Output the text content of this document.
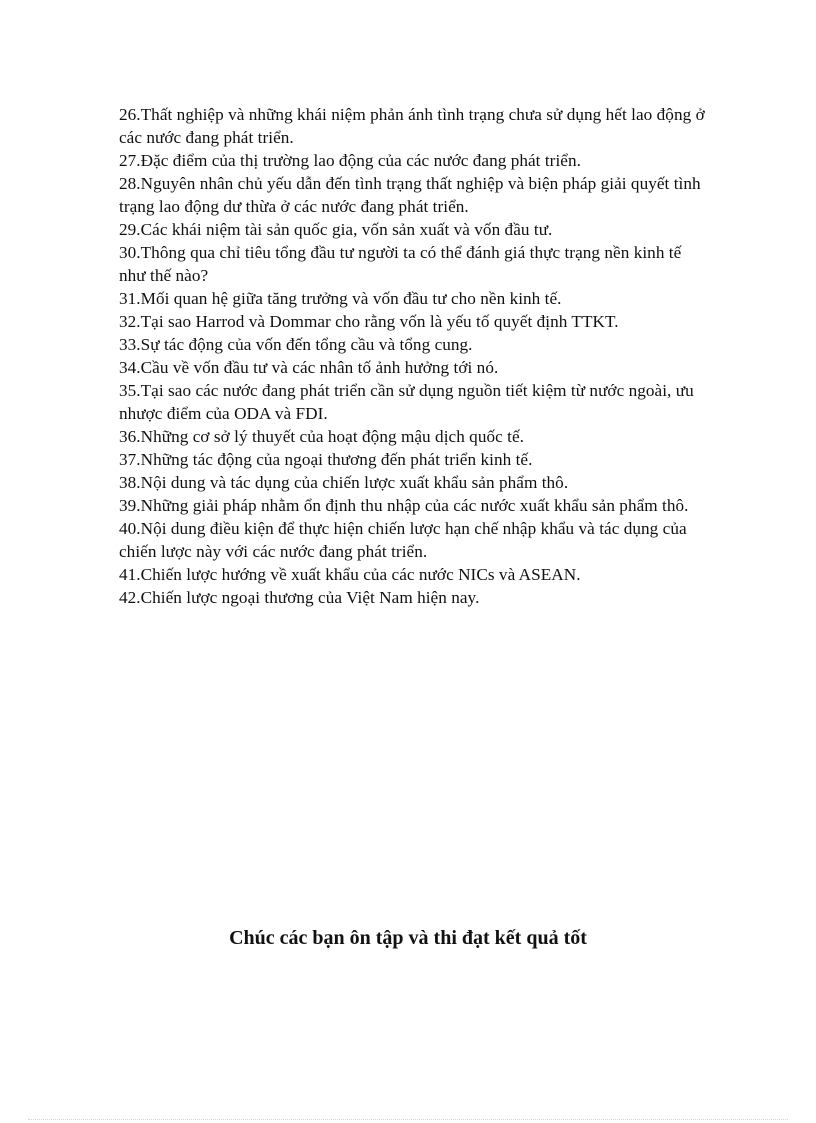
26.Thất nghiệp và những khái niệm phản ánh tình trạng chưa sử dụng hết lao động ở các nước đang phát triển.
27.Đặc điểm của thị trường lao động của các nước đang phát triển.
28.Nguyên nhân chủ yếu dẫn đến tình trạng thất nghiệp và biện pháp giải quyết tình trạng lao động dư thừa ở các nước đang phát triển.
29.Các khái niệm tài sản quốc gia, vốn sản xuất và vốn đầu tư.
30.Thông qua chỉ tiêu tổng đầu tư người ta có thể đánh giá thực trạng nền kinh tế như thế nào?
31.Mối quan hệ giữa tăng trưởng và vốn đầu tư cho nền kinh tế.
32.Tại sao Harrod và Dommar cho rằng vốn là yếu tố quyết định TTKT.
33.Sự tác động của vốn đến tổng cầu và tổng cung.
34.Cầu về vốn đầu tư và các nhân tố ảnh hưởng tới nó.
35.Tại sao các nước đang phát triển cần sử dụng nguồn tiết kiệm từ nước ngoài, ưu nhược điểm của ODA và FDI.
36.Những cơ sở lý thuyết của hoạt động mậu dịch quốc tế.
37.Những tác động của ngoại thương đến phát triển kinh tế.
38.Nội dung và tác dụng của chiến lược xuất khẩu sản phẩm thô.
39.Những giải pháp nhằm ổn định thu nhập của các nước xuất khẩu sản phẩm thô.
40.Nội dung điều kiện để thực hiện chiến lược hạn chế nhập khẩu và tác dụng của chiến lược này với các nước đang phát triển.
41.Chiến lược hướng về xuất khẩu của các nước NICs và ASEAN.
42.Chiến lược ngoại thương của Việt Nam hiện nay.

Chúc các bạn ôn tập và thi đạt kết quả tốt
